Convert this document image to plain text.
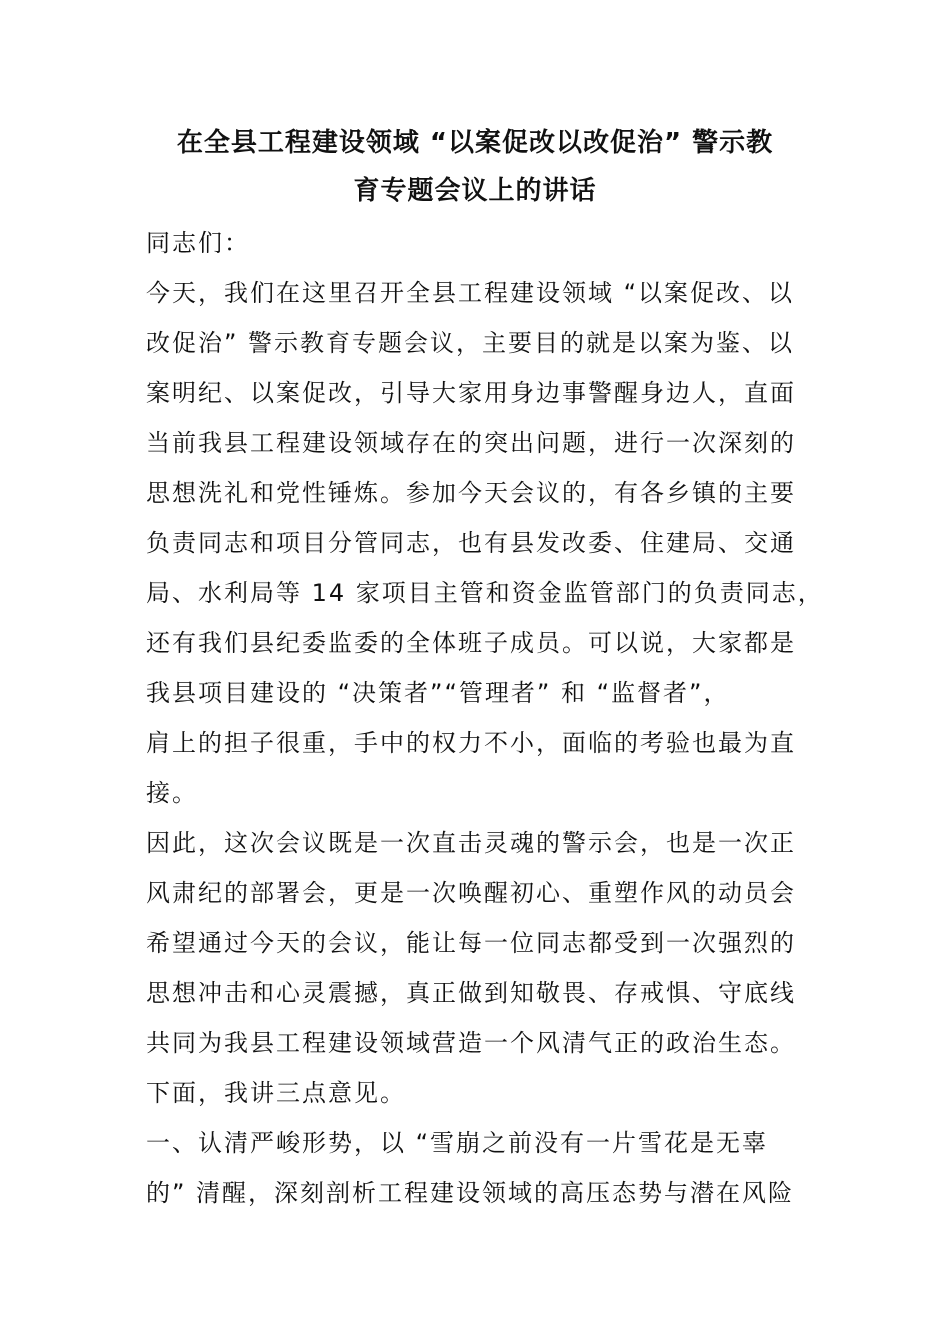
在全县工程建设领域 “以案促改以改促治” 警示教
育专题会议上的讲话
同志们：
今天，我们在这里召开全县工程建设领域 “以案促改、以
改促治” 警示教育专题会议，主要目的就是以案为鉴、以
案明纪、以案促改，引导大家用身边事警醒身边人，直面
当前我县工程建设领域存在的突出问题，进行一次深刻的
思想洗礼和党性锤炼。参加今天会议的，有各乡镇的主要
负责同志和项目分管同志，也有县发改委、住建局、交通
局、水利局等 14 家项目主管和资金监管部门的负责同志，
还有我们县纪委监委的全体班子成员。可以说，大家都是
我县项目建设的 “决策者”“管理者” 和 “监督者”，
肩上的担子很重，手中的权力不小，面临的考验也最为直
接。
因此，这次会议既是一次直击灵魂的警示会，也是一次正
风肃纪的部署会，更是一次唤醒初心、重塑作风的动员会
希望通过今天的会议，能让每一位同志都受到一次强烈的
思想冲击和心灵震撼，真正做到知敬畏、存戒惧、守底线
共同为我县工程建设领域营造一个风清气正的政治生态。
下面，我讲三点意见。
一、认清严峻形势，以 “雪崩之前没有一片雪花是无辜
的” 清醒，深刻剖析工程建设领域的高压态势与潜在风险
